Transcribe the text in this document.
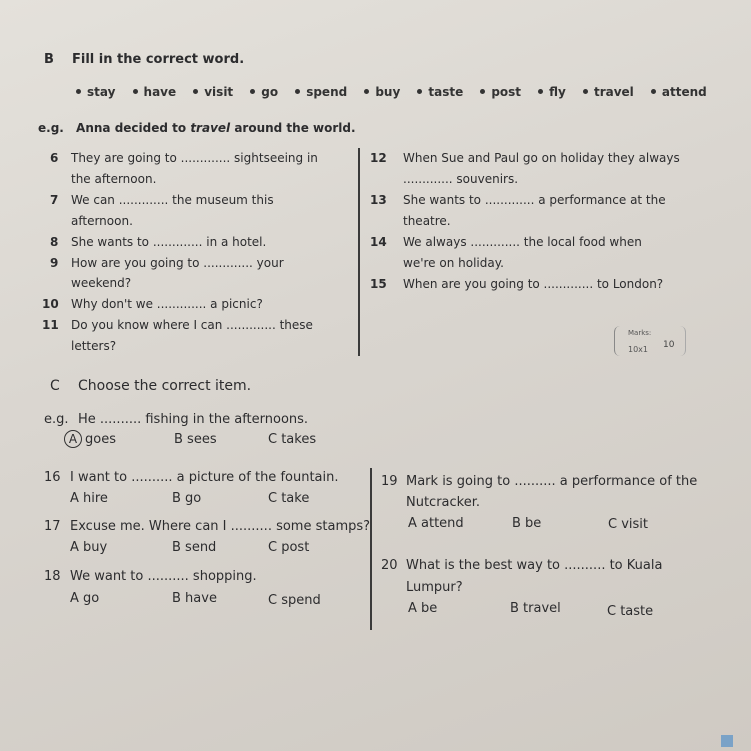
B Fill in the correct word.
stay have visit go spend buy taste post fly travel attend
e.g. Anna decided to travel around the world.
6 They are going to ............. sightseeing in
the afternoon.
7 We can ............. the museum this
afternoon.
8 She wants to ............. in a hotel.
9 How are you going to ............. your
weekend?
10 Why don't we ............. a picnic?
11 Do you know where I can ............. these
letters?
12 When Sue and Paul go on holiday they always
............. souvenirs.
13 She wants to ............. a performance at the
theatre.
14 We always ............. the local food when
we're on holiday.
15 When are you going to ............. to London?
Marks:
10x1 10
C Choose the correct item.
e.g. He .......... fishing in the afternoons.
A goes	B sees	C takes
16 I want to .......... a picture of the fountain.
A hire	B go	C take
17 Excuse me. Where can I .......... some stamps?
A buy	B send	C post
18 We want to .......... shopping.
A go	B have	C spend
19 Mark is going to .......... a performance of the
Nutcracker.
A attend	B be	C visit
20 What is the best way to .......... to Kuala
Lumpur?
A be	B travel	C taste
